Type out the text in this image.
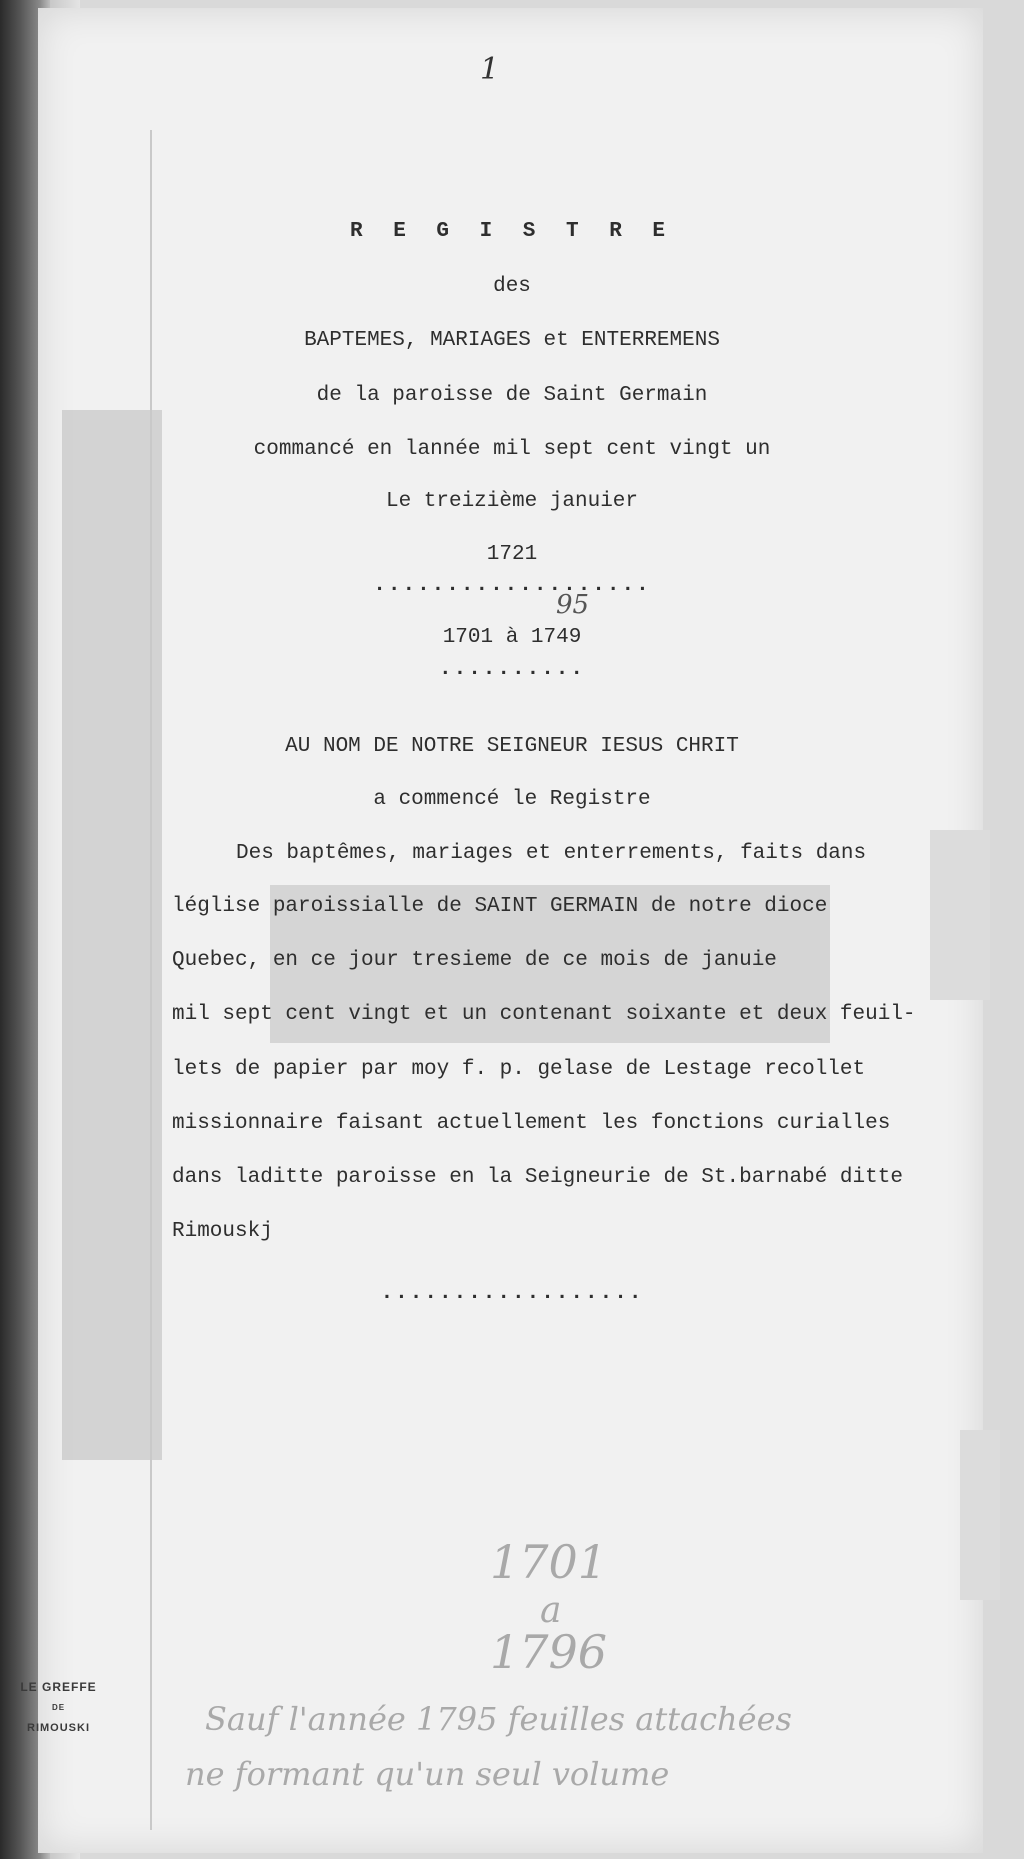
1
R E G I S T R E
des
BAPTEMES, MARIAGES et ENTERREMENS
de la paroisse de Saint Germain
commancé en lannée mil sept cent vingt un
Le treizième januier
1721
...................
1701 à 1749
95
..........
AU NOM DE NOTRE SEIGNEUR IESUS CHRIT
a commencé le Registre
Des baptêmes, mariages et enterrements, faits dans
léglise paroissialle de SAINT GERMAIN de notre dioce
Quebec, en ce jour tresieme de ce mois de januie
mil sept cent vingt et un contenant soixante et deux feuil-
lets de papier par moy f. p. gelase de Lestage recollet
missionnaire faisant actuellement les fonctions curialles
dans laditte paroisse en la Seigneurie de St.barnabé ditte
Rimouskj
..................
1701
a
1796
Sauf l'année 1795 feuilles attachées
ne formant qu'un seul volume
LE GREFFE
DE
RIMOUSKI
